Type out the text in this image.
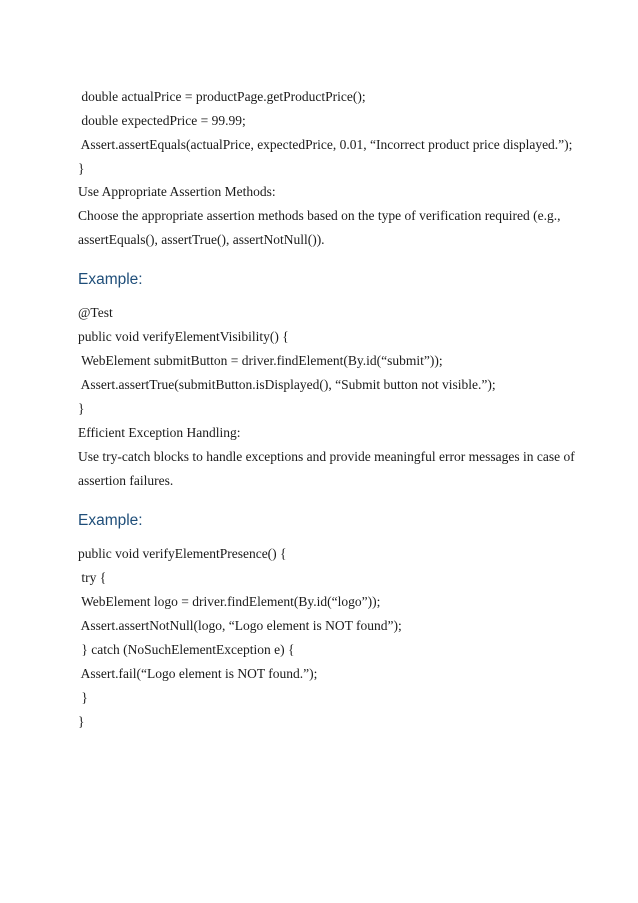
double actualPrice = productPage.getProductPrice();
double expectedPrice = 99.99;
Assert.assertEquals(actualPrice, expectedPrice, 0.01, “Incorrect product price displayed.”);
}
Use Appropriate Assertion Methods:
Choose the appropriate assertion methods based on the type of verification required (e.g.,
assertEquals(), assertTrue(), assertNotNull()).
Example:
@Test
public void verifyElementVisibility() {
WebElement submitButton = driver.findElement(By.id(“submit”));
Assert.assertTrue(submitButton.isDisplayed(), “Submit button not visible.”);
}
Efficient Exception Handling:
Use try-catch blocks to handle exceptions and provide meaningful error messages in case of
assertion failures.
Example:
public void verifyElementPresence() {
try {
WebElement logo = driver.findElement(By.id(“logo”));
Assert.assertNotNull(logo, “Logo element is NOT found”);
} catch (NoSuchElementException e) {
Assert.fail(“Logo element is NOT found.”);
}
}
